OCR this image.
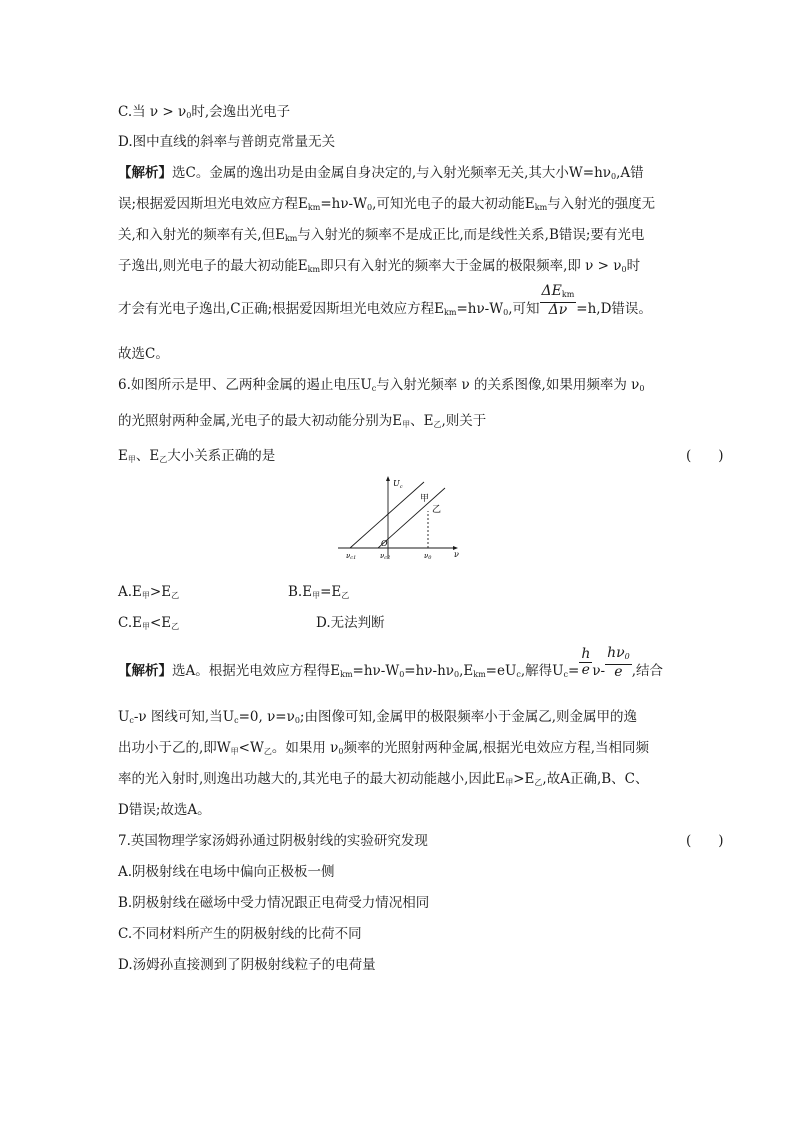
C.当 $\nu > \nu_0$时,会逸出光电子
D.图中直线的斜率与普朗克常量无关
【解析】选C。金属的逸出功是由金属自身决定的,与入射光频率无关,其大小$W=h\nu_0,A$错
误;根据爱因斯坦光电效应方程$E_{km}=h\nu-W_0$,可知光电子的最大初动能$E_{km}$与入射光的强度无
关,和入射光的频率有关,但$E_{km}$与入射光的频率不是成正比,而是线性关系,B错误;要有光电
子逸出,则光电子的最大初动能$E_{km}$即只有入射光的频率大于金属的极限频率,即 $\nu > \nu_0$时
才会有光电子逸出,C正确;根据爱因斯坦光电效应方程$E_{km}=h\nu-W_0$,可知 $\frac{\Delta E_{km}}{\Delta\nu} =h,D$错误。
故选C。
6.如图所示是甲、乙两种金属的遏止电压$U_c$与入射光频率 ν 的关系图像,如果用频率为 $\nu_0$
的光照射两种金属,光电子的最大初动能分别为$E_甲$、$E_乙$,则关于
$E_甲$、$E_乙$大小关系正确的是	(　　)
$U_c$
ν
O
νc1	νc2	ν0
甲
乙
$A.E_甲>E_乙$	$B.E_甲=E_乙$
$C.E_甲<E_乙$	D.无法判断
【解析】选A。根据光电效应方程得$E_{km}=h\nu-W_0=h\nu-h\nu_0,E_{km}=eU_c$,解得$U_c= \frac{h}{e} \nu- \frac{h\nu_0}{e}$ ,结合
$U_c-\nu$ 图线可知,当$U_c=0$, $\nu=\nu_0$;由图像可知,金属甲的极限频率小于金属乙,则金属甲的逸
出功小于乙的,即$W_甲<W_乙$。如果用 $\nu_0$频率的光照射两种金属,根据光电效应方程,当相同频
率的光入射时,则逸出功越大的,其光电子的最大初动能越小,因此$E_甲>E_乙$,故A正确,B、C、
D错误;故选A。
7.英国物理学家汤姆孙通过阴极射线的实验研究发现	(　　)
A.阴极射线在电场中偏向正极板一侧
B.阴极射线在磁场中受力情况跟正电荷受力情况相同
C.不同材料所产生的阴极射线的比荷不同
D.汤姆孙直接测到了阴极射线粒子的电荷量
